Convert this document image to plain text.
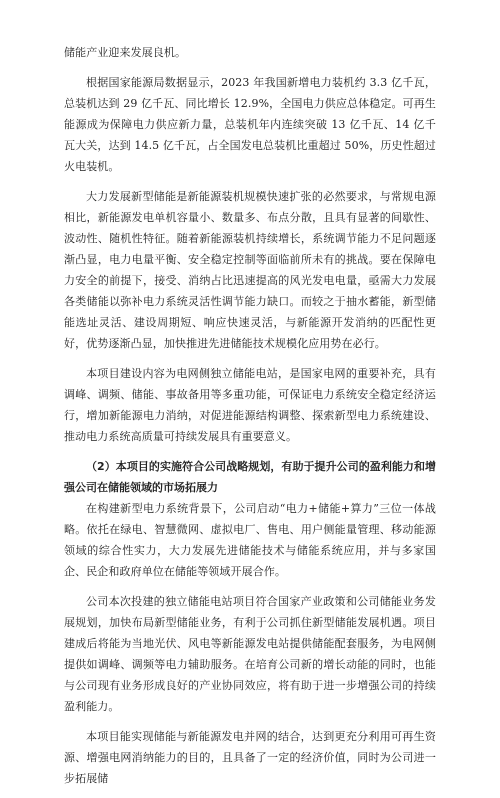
储能产业迎来发展良机。

根据国家能源局数据显示，2023 年我国新增电力装机约 3.3 亿千瓦，总装机达到 29 亿千瓦、同比增长 12.9%，全国电力供应总体稳定。可再生能源成为保障电力供应新力量，总装机年内连续突破 13 亿千瓦、14 亿千瓦大关，达到 14.5 亿千瓦，占全国发电总装机比重超过 50%，历史性超过火电装机。

大力发展新型储能是新能源装机规模快速扩张的必然要求，与常规电源相比，新能源发电单机容量小、数量多、布点分散，且具有显著的间歇性、波动性、随机性特征。随着新能源装机持续增长，系统调节能力不足问题逐渐凸显，电力电量平衡、安全稳定控制等面临前所未有的挑战。要在保障电力安全的前提下，接受、消纳占比迅速提高的风光发电电量，亟需大力发展各类储能以弥补电力系统灵活性调节能力缺口。而较之于抽水蓄能，新型储能选址灵活、建设周期短、响应快速灵活，与新能源开发消纳的匹配性更好，优势逐渐凸显，加快推进先进储能技术规模化应用势在必行。

本项目建设内容为电网侧独立储能电站，是国家电网的重要补充，具有调峰、调频、储能、事故备用等多重功能，可保证电力系统安全稳定经济运行，增加新能源电力消纳，对促进能源结构调整、探索新型电力系统建设、推动电力系统高质量可持续发展具有重要意义。

（2）本项目的实施符合公司战略规划，有助于提升公司的盈利能力和增强公司在储能领域的市场拓展力

在构建新型电力系统背景下，公司启动“电力+储能+算力”三位一体战略。依托在绿电、智慧微网、虚拟电厂、售电、用户侧能量管理、移动能源领域的综合性实力，大力发展先进储能技术与储能系统应用，并与多家国企、民企和政府单位在储能等领域开展合作。

公司本次投建的独立储能电站项目符合国家产业政策和公司储能业务发展规划，加快布局新型储能业务，有利于公司抓住新型储能发展机遇。项目建成后将能为当地光伏、风电等新能源发电站提供储能配套服务，为电网侧提供如调峰、调频等电力辅助服务。在培育公司新的增长动能的同时，也能与公司现有业务形成良好的产业协同效应，将有助于进一步增强公司的持续盈利能力。

本项目能实现储能与新能源发电并网的结合，达到更充分利用可再生资源、增强电网消纳能力的目的，且具备了一定的经济价值，同时为公司进一步拓展储
